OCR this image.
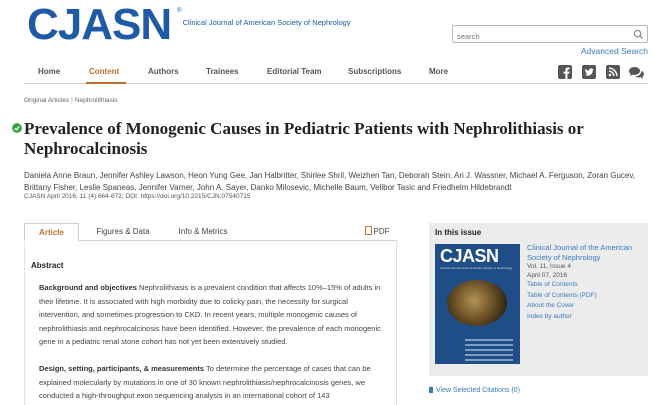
CJASN ®
Clinical Journal of American Society of Nephrology
search
Advanced Search
Home	Content	Authors	Trainees	Editorial Team	Subscriptions	More
Original Articles | Nephrolithiasis
Prevalence of Monogenic Causes in Pediatric Patients with Nephrolithiasis or Nephrocalcinosis
Daniela Anne Braun, Jennifer Ashley Lawson, Heon Yung Gee, Jan Halbritter, Shirlee Shril, Weizhen Tan, Deborah Stein, Ari J. Wassner, Michael A. Ferguson, Zoran Gucev, Brittany Fisher, Leslie Spaneas, Jennifer Varner, John A. Sayer, Danko Milosevic, Michelle Baum, Velibor Tasic and Friedhelm Hildebrandt
CJASN April 2016, 11 (4) 664-672; DOI: https://doi.org/10.2215/CJN.07540715
Article	Figures & Data	Info & Metrics	PDF
Abstract

Background and objectives Nephrolithiasis is a prevalent condition that affects 10%–15% of adults in their lifetime. It is associated with high morbidity due to colicky pain, the necessity for surgical intervention, and sometimes progression to CKD. In recent years, multiple monogenic causes of nephrolithiasis and nephrocalcinosis have been identified. However, the prevalence of each monogenic gene in a pediatric renal stone cohort has not yet been extensively studied.

Design, setting, participants, & measurements To determine the percentage of cases that can be explained molecularly by mutations in one of 30 known nephrolithiasis/nephrocalcinosis genes, we conducted a high-throughput exon sequencing analysis in an international cohort of 143

In this issue
CJASN
Clinical Journal of the American Society of Nephrology
Clinical Journal of the American Society of Nephrology
Vol. 11, Issue 4
April 07, 2016
Table of Contents
Table of Contents (PDF)
About the Cover
Index by author
View Selected Citations (0)
